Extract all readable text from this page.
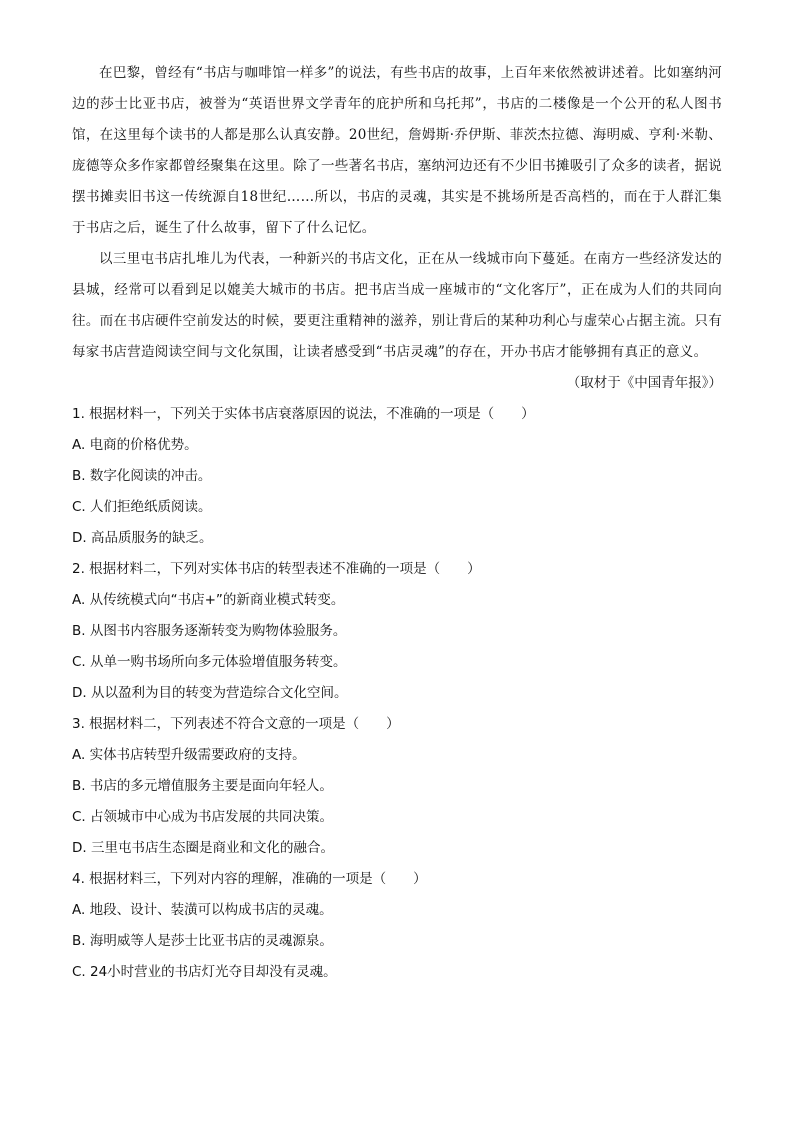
在巴黎，曾经有“书店与咖啡馆一样多”的说法，有些书店的故事，上百年来依然被讲述着。比如塞纳河边的莎士比亚书店，被誉为“英语世界文学青年的庇护所和乌托邦”，书店的二楼像是一个公开的私人图书馆，在这里每个读书的人都是那么认真安静。20世纪，詹姆斯·乔伊斯、菲茨杰拉德、海明威、亨利·米勒、庞德等众多作家都曾经聚集在这里。除了一些著名书店，塞纳河边还有不少旧书摊吸引了众多的读者，据说摆书摊卖旧书这一传统源自18世纪……所以，书店的灵魂，其实是不挑场所是否高档的，而在于人群汇集于书店之后，诞生了什么故事，留下了什么记忆。

以三里屯书店扎堆儿为代表，一种新兴的书店文化，正在从一线城市向下蔓延。在南方一些经济发达的县城，经常可以看到足以媲美大城市的书店。把书店当成一座城市的“文化客厅”，正在成为人们的共同向往。而在书店硬件空前发达的时候，要更注重精神的滋养，别让背后的某种功利心与虚荣心占据主流。只有每家书店营造阅读空间与文化氛围，让读者感受到“书店灵魂”的存在，开办书店才能够拥有真正的意义。

（取材于《中国青年报》）

1. 根据材料一，下列关于实体书店衰落原因的说法，不准确的一项是（　　）

A. 电商的价格优势。

B. 数字化阅读的冲击。

C. 人们拒绝纸质阅读。

D. 高品质服务的缺乏。

2. 根据材料二，下列对实体书店的转型表述不准确的一项是（　　）

A. 从传统模式向“书店+”的新商业模式转变。

B. 从图书内容服务逐渐转变为购物体验服务。

C. 从单一购书场所向多元体验增值服务转变。

D. 从以盈利为目的转变为营造综合文化空间。

3. 根据材料二，下列表述不符合文意的一项是（　　）

A. 实体书店转型升级需要政府的支持。

B. 书店的多元增值服务主要是面向年轻人。

C. 占领城市中心成为书店发展的共同决策。

D. 三里屯书店生态圈是商业和文化的融合。

4. 根据材料三，下列对内容的理解，准确的一项是（　　）

A. 地段、设计、装潢可以构成书店的灵魂。

B. 海明威等人是莎士比亚书店的灵魂源泉。

C. 24小时营业的书店灯光夺目却没有灵魂。
